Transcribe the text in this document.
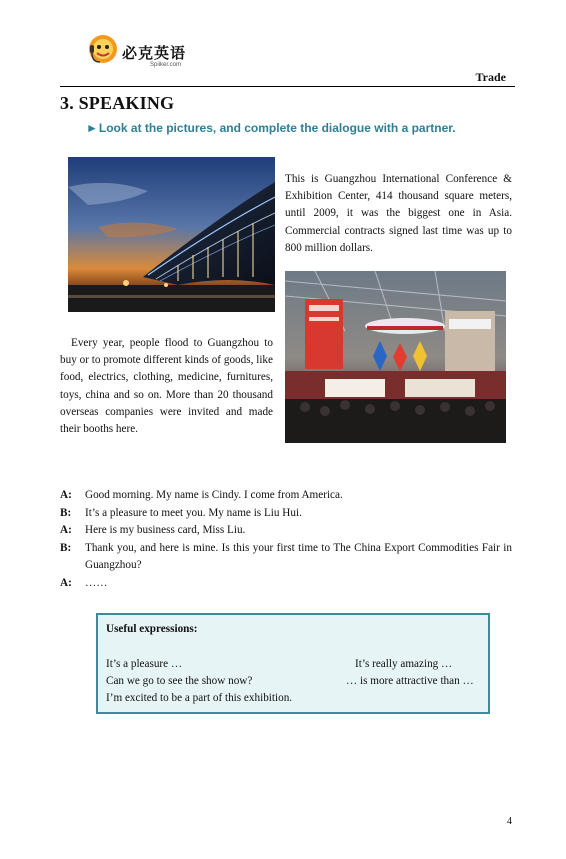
必克英语
Spiiker.com
Trade
3. SPEAKING
►Look at the pictures, and complete the dialogue with a partner.
This is Guangzhou International Conference & Exhibition Center, 414 thousand square meters, until 2009, it was the biggest one in Asia. Commercial contracts signed last time was up to 800 million dollars.
Every year, people flood to Guangzhou to buy or to promote different kinds of goods, like food, electrics, clothing, medicine, furnitures, toys, china and so on. More than 20 thousand overseas companies were invited and made their booths here.
A:	Good morning. My name is Cindy. I come from America.
B:	It’s a pleasure to meet you. My name is Liu Hui.
A:	Here is my business card, Miss Liu.
B:	Thank you, and here is mine. Is this your first time to The China Export Commodities Fair in Guangzhou?
A:	……
Useful expressions:
It’s a pleasure …
Can we go to see the show now?
I’m excited to be a part of this exhibition.
It’s really amazing …
… is more attractive than …
4
